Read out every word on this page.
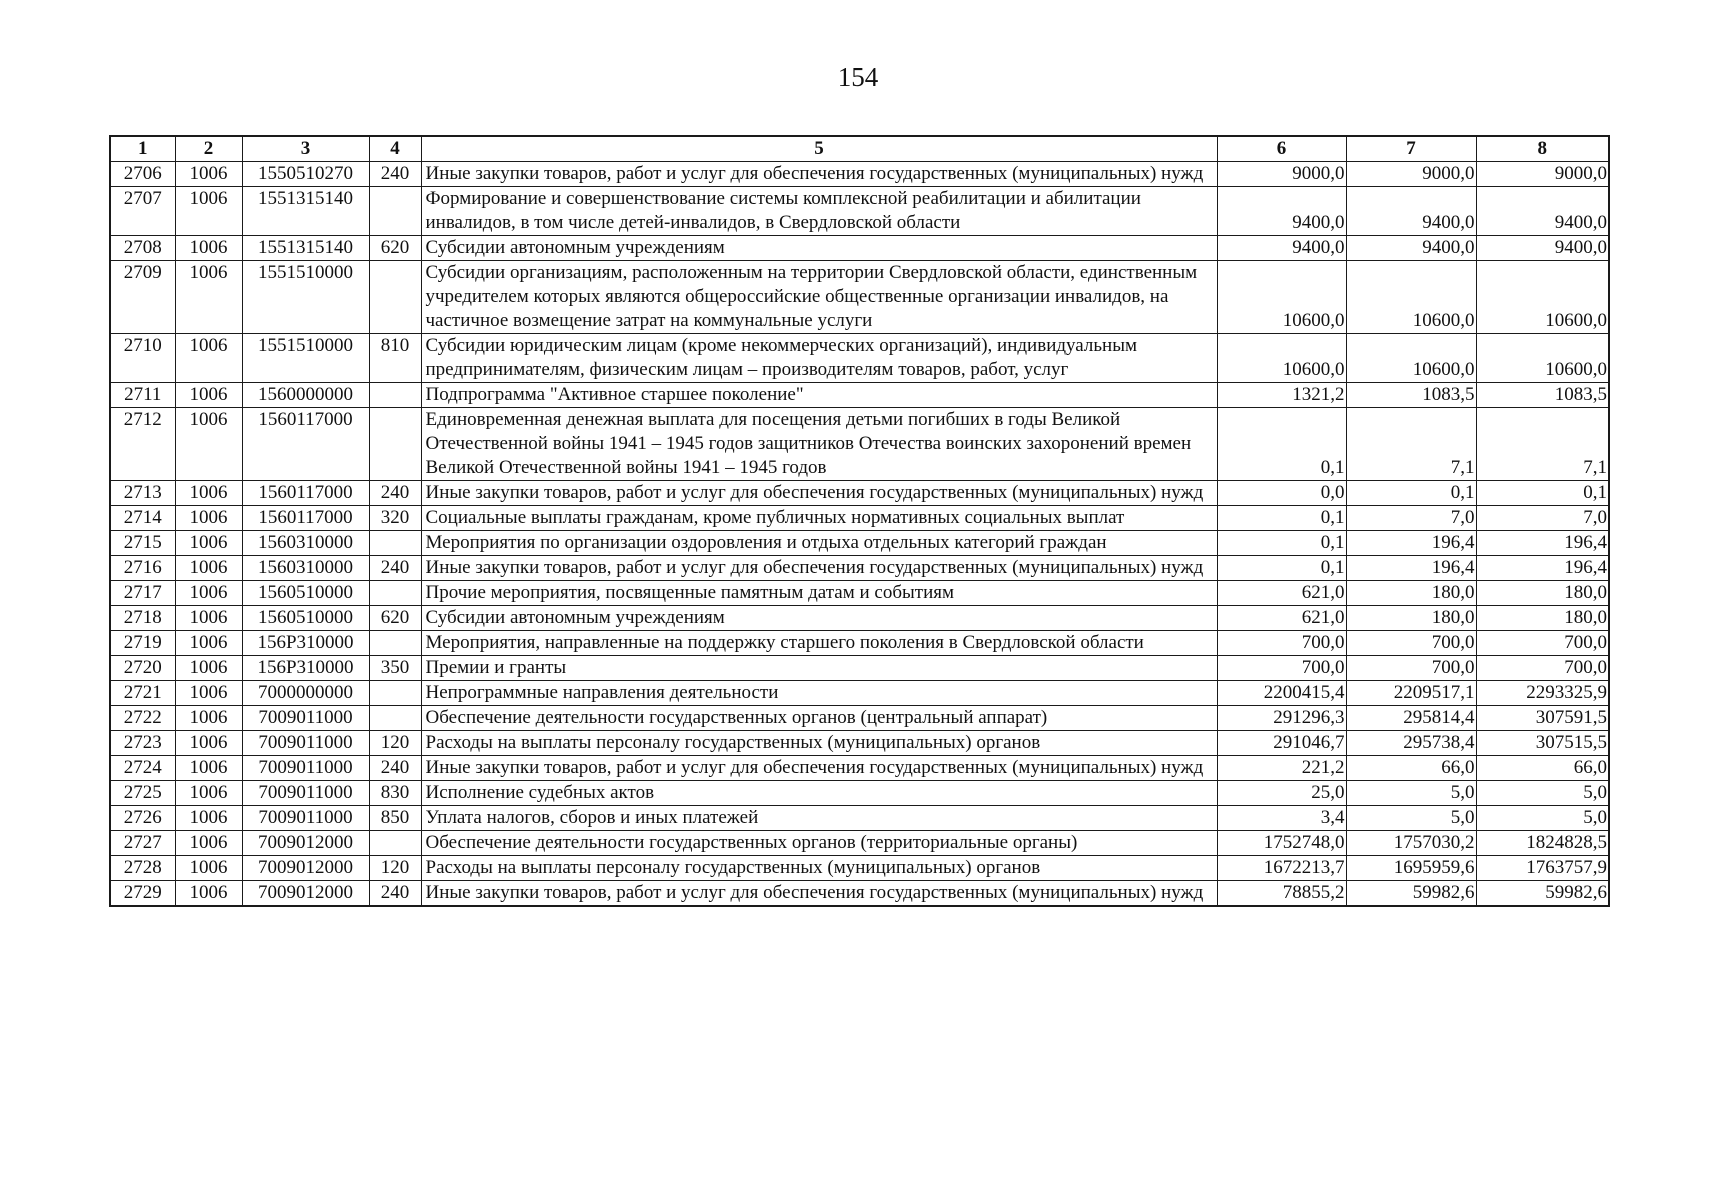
154
1	2	3	4	5	6	7	8
2706	1006	1550510270	240	Иные закупки товаров, работ и услуг для обеспечения государственных (муниципальных) нужд	9000,0	9000,0	9000,0
2707	1006	1551315140		Формирование и совершенствование системы комплексной реабилитации и абилитации инвалидов, в том числе детей-инвалидов, в Свердловской области	9400,0	9400,0	9400,0
2708	1006	1551315140	620	Субсидии автономным учреждениям	9400,0	9400,0	9400,0
2709	1006	1551510000		Субсидии организациям, расположенным на территории Свердловской области, единственным учредителем которых являются общероссийские общественные организации инвалидов, на частичное возмещение затрат на коммунальные услуги	10600,0	10600,0	10600,0
2710	1006	1551510000	810	Субсидии юридическим лицам (кроме некоммерческих организаций), индивидуальным предпринимателям, физическим лицам – производителям товаров, работ, услуг	10600,0	10600,0	10600,0
2711	1006	1560000000		Подпрограмма "Активное старшее поколение"	1321,2	1083,5	1083,5
2712	1006	1560117000		Единовременная денежная выплата для посещения детьми погибших в годы Великой Отечественной войны 1941 – 1945 годов защитников Отечества воинских захоронений времен Великой Отечественной войны 1941 – 1945 годов	0,1	7,1	7,1
2713	1006	1560117000	240	Иные закупки товаров, работ и услуг для обеспечения государственных (муниципальных) нужд	0,0	0,1	0,1
2714	1006	1560117000	320	Социальные выплаты гражданам, кроме публичных нормативных социальных выплат	0,1	7,0	7,0
2715	1006	1560310000		Мероприятия по организации оздоровления и отдыха отдельных категорий граждан	0,1	196,4	196,4
2716	1006	1560310000	240	Иные закупки товаров, работ и услуг для обеспечения государственных (муниципальных) нужд	0,1	196,4	196,4
2717	1006	1560510000		Прочие мероприятия, посвященные памятным датам и событиям	621,0	180,0	180,0
2718	1006	1560510000	620	Субсидии автономным учреждениям	621,0	180,0	180,0
2719	1006	156P310000		Мероприятия, направленные на поддержку старшего поколения в Свердловской области	700,0	700,0	700,0
2720	1006	156P310000	350	Премии и гранты	700,0	700,0	700,0
2721	1006	7000000000		Непрограммные направления деятельности	2200415,4	2209517,1	2293325,9
2722	1006	7009011000		Обеспечение деятельности государственных органов (центральный аппарат)	291296,3	295814,4	307591,5
2723	1006	7009011000	120	Расходы на выплаты персоналу государственных (муниципальных) органов	291046,7	295738,4	307515,5
2724	1006	7009011000	240	Иные закупки товаров, работ и услуг для обеспечения государственных (муниципальных) нужд	221,2	66,0	66,0
2725	1006	7009011000	830	Исполнение судебных актов	25,0	5,0	5,0
2726	1006	7009011000	850	Уплата налогов, сборов и иных платежей	3,4	5,0	5,0
2727	1006	7009012000		Обеспечение деятельности государственных органов (территориальные органы)	1752748,0	1757030,2	1824828,5
2728	1006	7009012000	120	Расходы на выплаты персоналу государственных (муниципальных) органов	1672213,7	1695959,6	1763757,9
2729	1006	7009012000	240	Иные закупки товаров, работ и услуг для обеспечения государственных (муниципальных) нужд	78855,2	59982,6	59982,6
